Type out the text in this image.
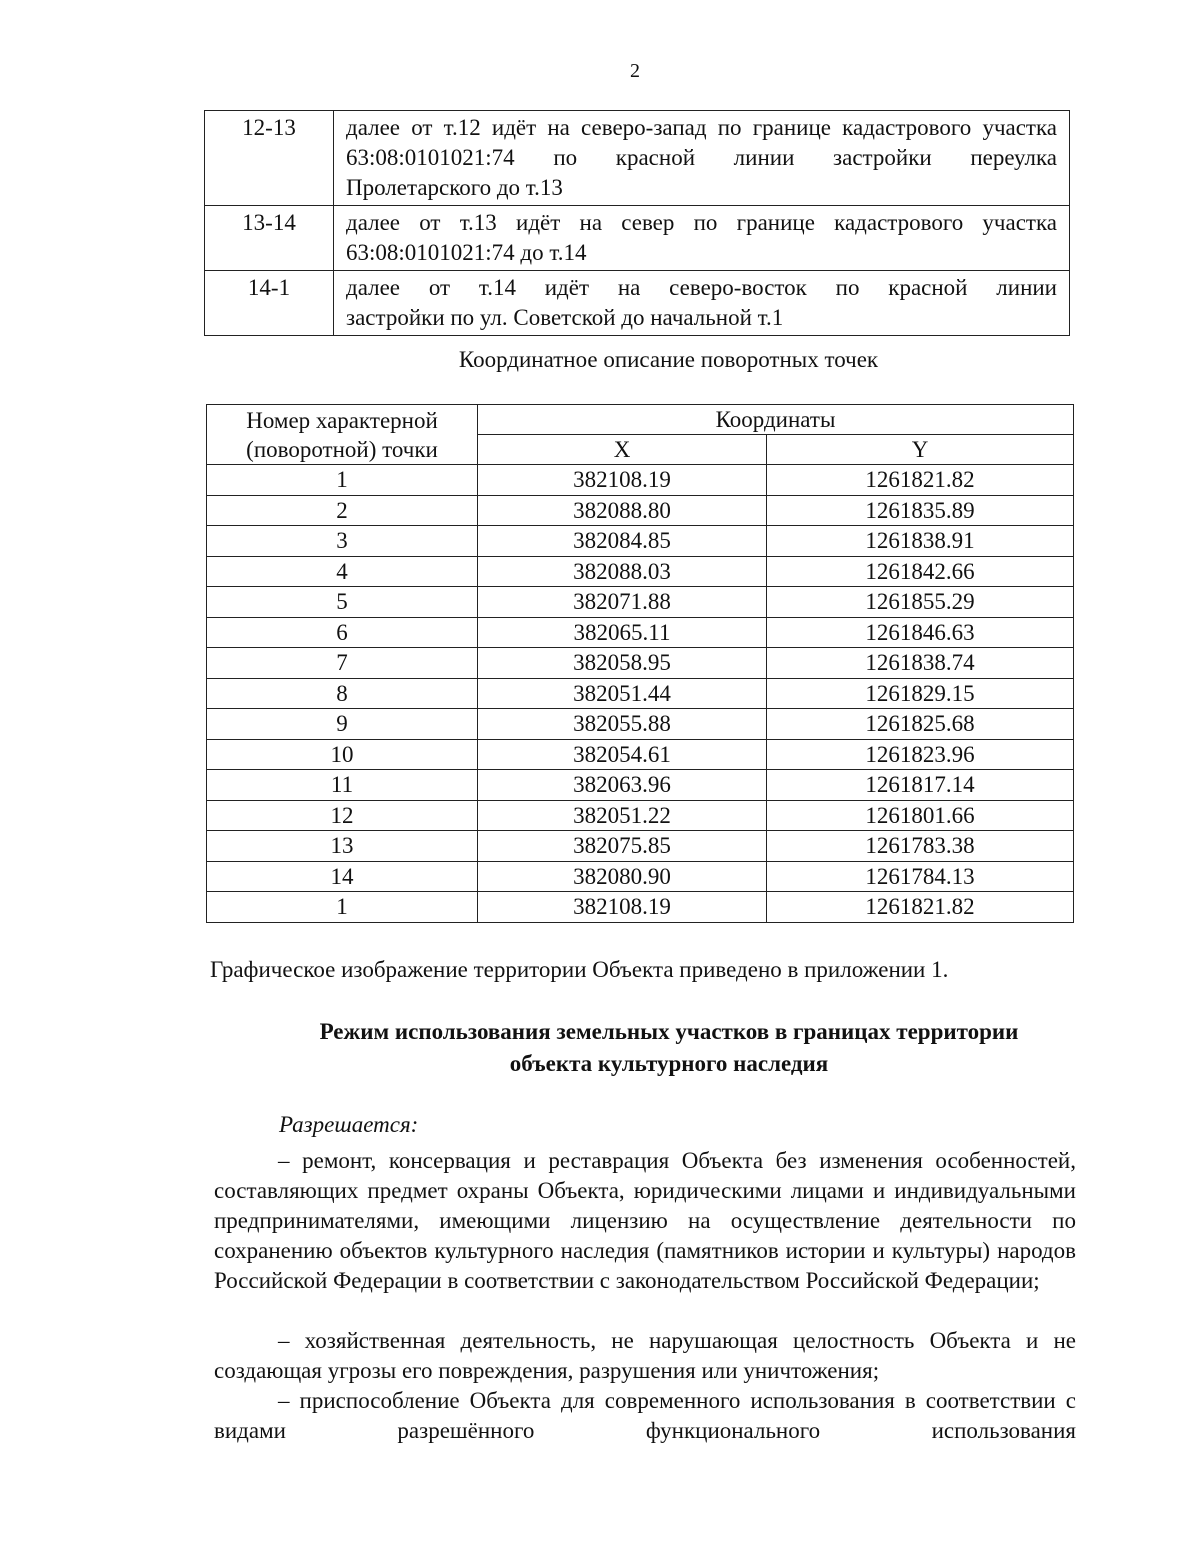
2
12-13	далее от т.12 идёт на северо-запад по границе кадастрового участка 63:08:0101021:74 по красной линии застройки переулка
Пролетарского до т.13

13-14	далее от т.13 идёт на север по границе кадастрового участка
63:08:0101021:74 до т.14

14-1	далее от т.14 идёт на северо-восток по красной линии
застройки по ул. Советской до начальной т.1
Координатное описание поворотных точек
Номер характерной
(поворотной) точки	Координаты	
	X	Y
1	382108.19	1261821.82
2	382088.80	1261835.89
3	382084.85	1261838.91
4	382088.03	1261842.66
5	382071.88	1261855.29
6	382065.11	1261846.63
7	382058.95	1261838.74
8	382051.44	1261829.15
9	382055.88	1261825.68
10	382054.61	1261823.96
11	382063.96	1261817.14
12	382051.22	1261801.66
13	382075.85	1261783.38
14	382080.90	1261784.13
1	382108.19	1261821.82
Графическое изображение территории Объекта приведено в приложении 1.
Режим использования земельных участков в границах территории
объекта культурного наследия
Разрешается:

– ремонт, консервация и реставрация Объекта без изменения особенностей, составляющих предмет охраны Объекта, юридическими лицами и индивидуальными предпринимателями, имеющими лицензию на осуществление деятельности по сохранению объектов культурного наследия (памятников истории и культуры) народов Российской Федерации в соответствии с законодательством Российской Федерации;

– хозяйственная деятельность, не нарушающая целостность Объекта и не создающая угрозы его повреждения, разрушения или уничтожения;

– приспособление Объекта для современного использования в соответствии с видами разрешённого функционального использования
